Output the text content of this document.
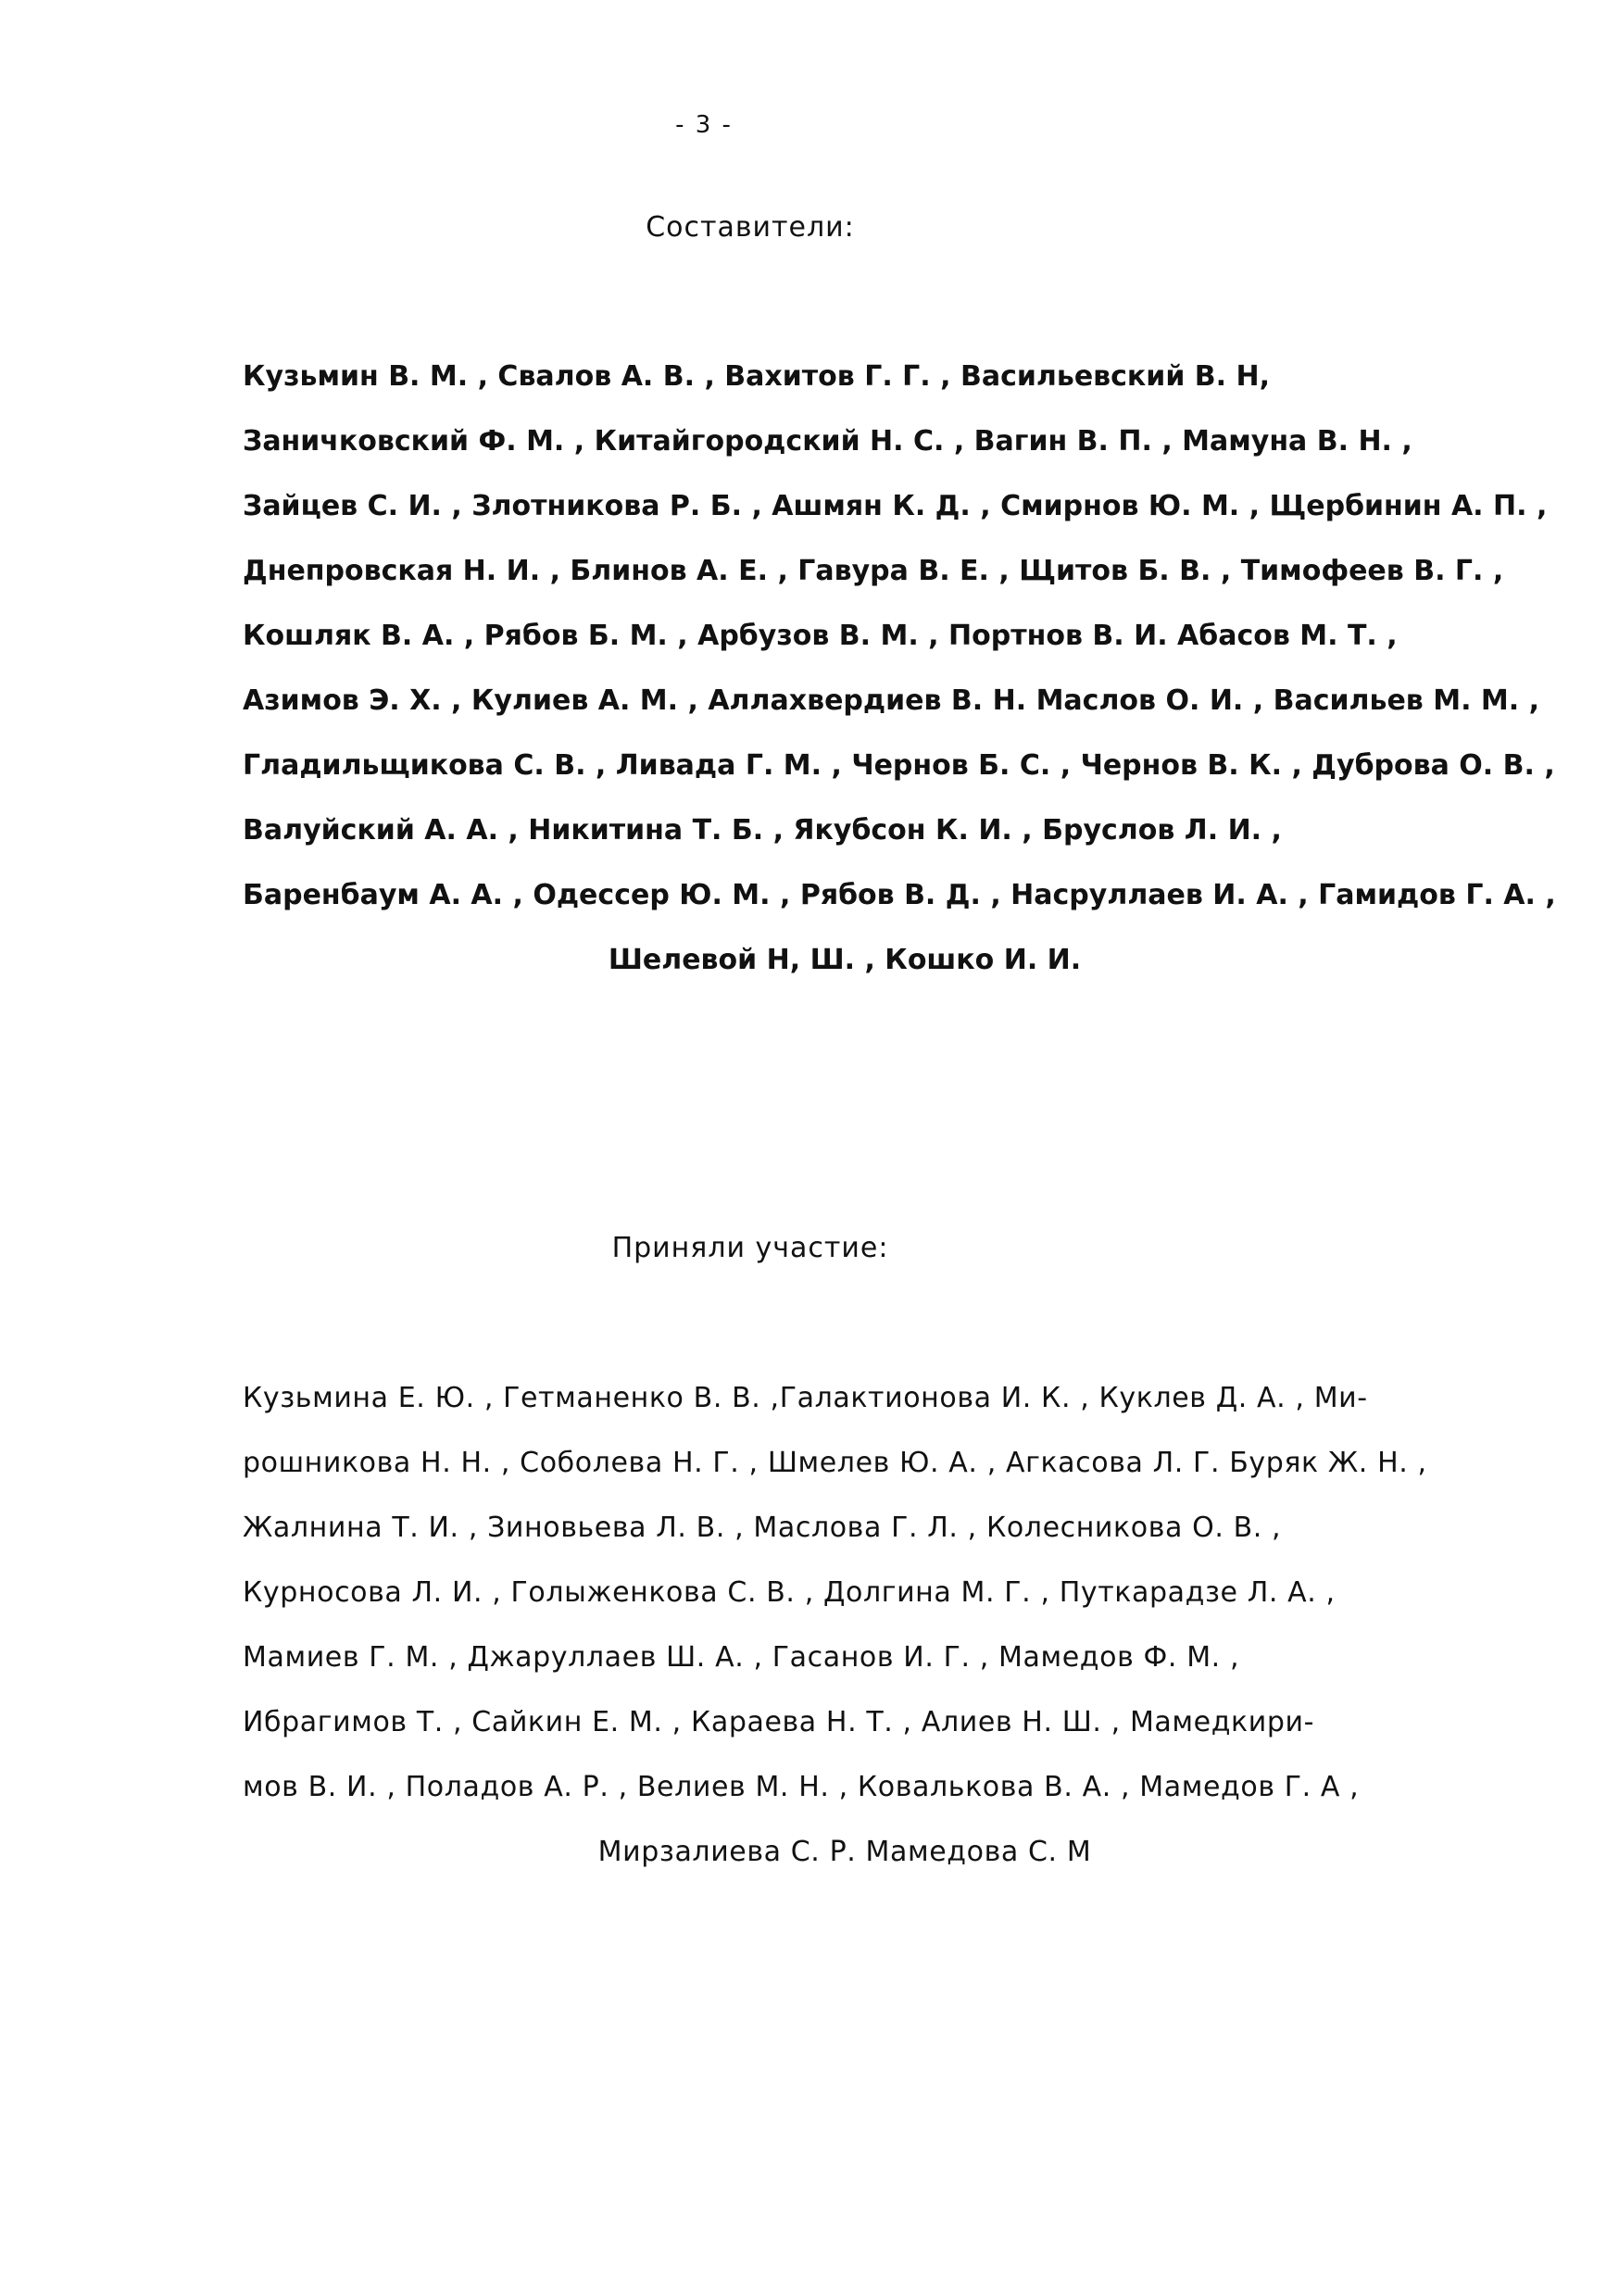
- 3 -
Составители:
Кузьмин В. М. , Свалов А. В. , Вахитов Г. Г. , Васильевский В. Н,
Заничковский Ф. М. , Китайгородский Н. С. , Вагин В. П. , Мамуна В. Н. ,
Зайцев С. И. , Злотникова Р. Б. , Ашмян К. Д. , Смирнов Ю. М. , Щербинин А. П. ,
Днепровская Н. И. , Блинов А. Е. , Гавура В. Е. , Щитов Б. В. , Тимофеев В. Г. ,
Кошляк В. А. , Рябов Б. М. , Арбузов В. М. , Портнов В. И. Абасов М. Т. ,
Азимов Э. Х. , Кулиев А. М. , Аллахвердиев В. Н. Маслов О. И. , Васильев М. М. ,
Гладильщикова С. В. , Ливада Г. М. , Чернов Б. С. , Чернов В. К. , Дуброва О. В. ,
Валуйский А. А. , Никитина Т. Б. , Якубсон К. И. , Бруслов Л. И. ,
Баренбаум А. А. , Одессер Ю. М. , Рябов В. Д. , Насруллаев И. А. , Гамидов Г. А. ,
Шелевой Н, Ш. , Кошко И. И.
Приняли участие:
Кузьмина Е. Ю. , Гетманенко В. В. ,Галактионова И. К. , Куклев Д. А. , Ми-
рошникова Н. Н. , Соболева Н. Г. , Шмелев Ю. А. , Агкасова Л. Г. Буряк Ж. Н. ,
Жалнина Т. И. , Зиновьева Л. В. , Маслова Г. Л. , Колесникова О. В. ,
Курносова Л. И. , Голыженкова С. В. , Долгина М. Г. , Путкарадзе Л. А. ,
Мамиев Г. М. , Джаруллаев Ш. А. , Гасанов И. Г. , Мамедов Ф. М. ,
Ибрагимов Т. , Сайкин Е. М. , Караева Н. Т. , Алиев Н. Ш. , Мамедкири-
мов В. И. , Поладов А. Р. , Велиев М. Н. , Ковалькова В. А. , Мамедов Г. А ,
Мирзалиева С. Р. Мамедова С. М
